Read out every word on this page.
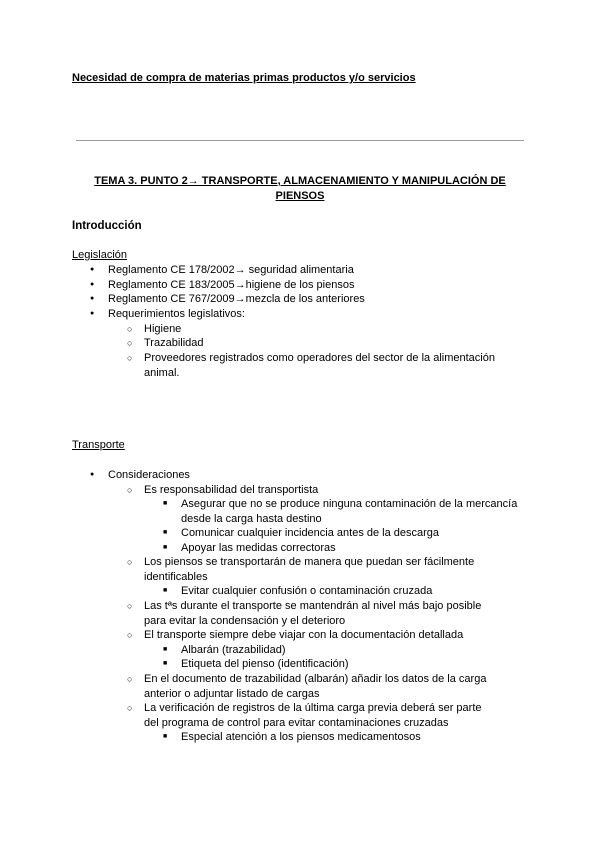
Necesidad de compra de materias primas productos y/o servicios
TEMA 3. PUNTO 2→ TRANSPORTE, ALMACENAMIENTO Y MANIPULACIÓN DE PIENSOS
Introducción
Legislación
● Reglamento CE 178/2002→ seguridad alimentaria
● Reglamento CE 183/2005→higiene de los piensos
● Reglamento CE 767/2009→mezcla de los anteriores
● Requerimientos legislativos:
○ Higiene
○ Trazabilidad
○ Proveedores registrados como operadores del sector de la alimentación animal.
Transporte
● Consideraciones
○ Es responsabilidad del transportista
■ Asegurar que no se produce ninguna contaminación de la mercancía desde la carga hasta destino
■ Comunicar cualquier incidencia antes de la descarga
■ Apoyar las medidas correctoras
○ Los piensos se transportarán de manera que puedan ser fácilmente identificables
■ Evitar cualquier confusión o contaminación cruzada
○ Las tªs durante el transporte se mantendrán al nivel más bajo posible para evitar la condensación y el deterioro
○ El transporte siempre debe viajar con la documentación detallada
■ Albarán (trazabilidad)
■ Etiqueta del pienso (identificación)
○ En el documento de trazabilidad (albarán) añadir los datos de la carga anterior o adjuntar listado de cargas
○ La verificación de registros de la última carga previa deberá ser parte del programa de control para evitar contaminaciones cruzadas
■ Especial atención a los piensos medicamentosos
